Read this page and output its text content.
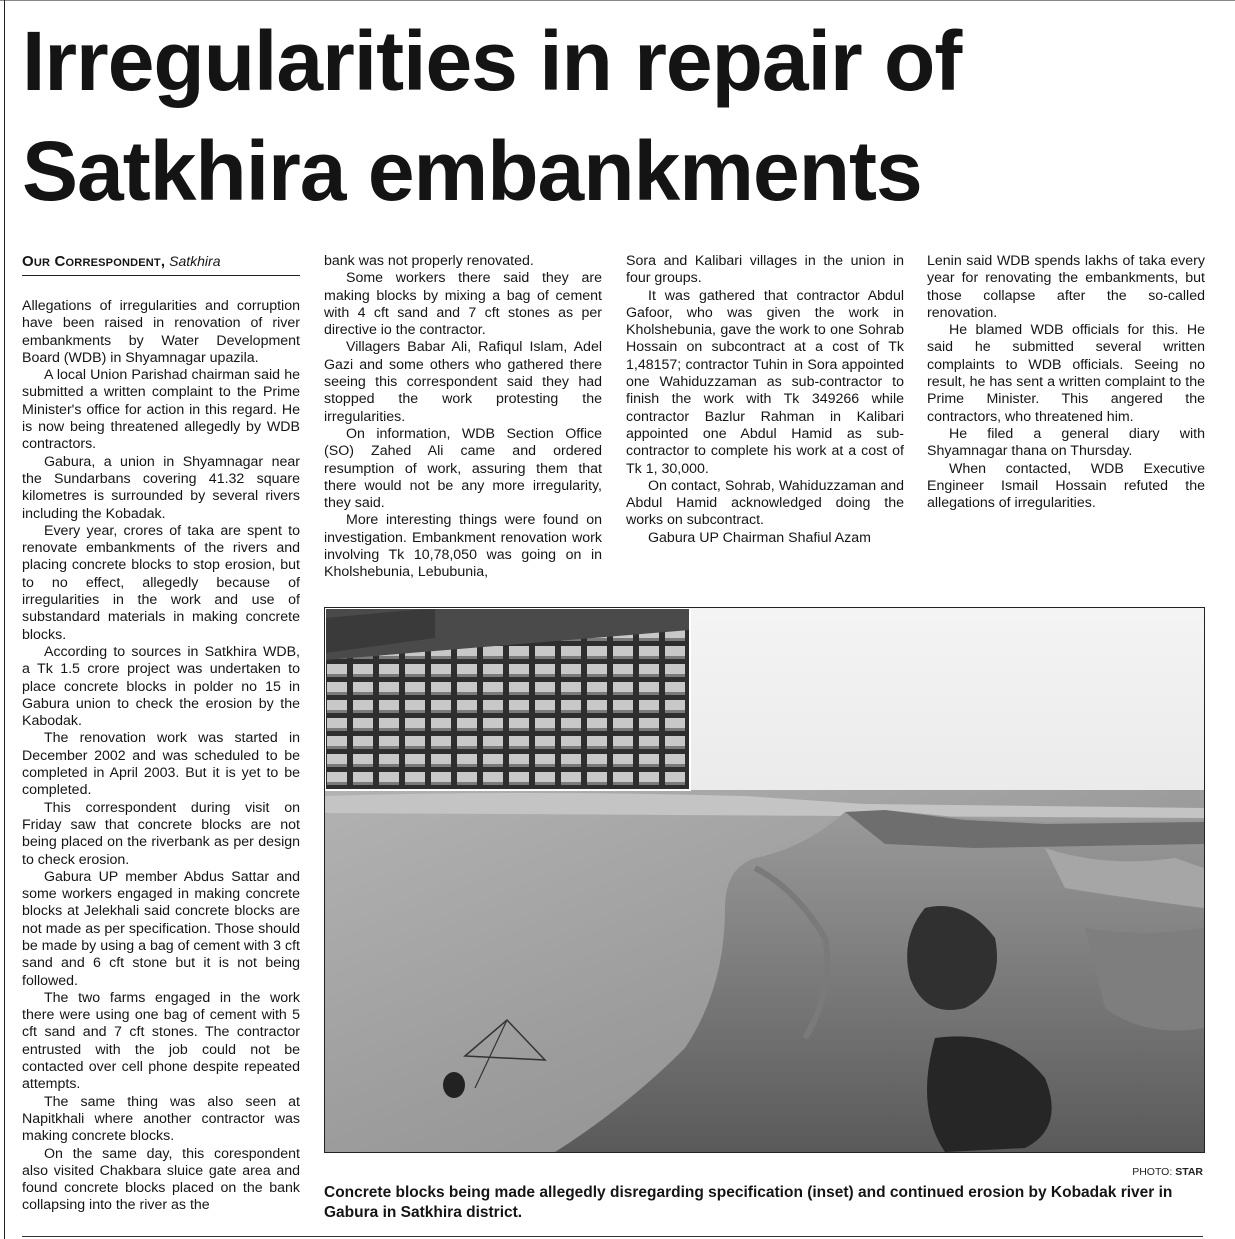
Irregularities in repair of Satkhira embankments
Our Correspondent, Satkhira

Allegations of irregularities and corruption have been raised in renovation of river embankments by Water Development Board (WDB) in Shyamnagar upazila.

A local Union Parishad chairman said he submitted a written complaint to the Prime Minister's office for action in this regard. He is now being threatened allegedly by WDB contractors.

Gabura, a union in Shyamnagar near the Sundarbans covering 41.32 square kilometres is surrounded by several rivers including the Kobadak.

Every year, crores of taka are spent to renovate embankments of the rivers and placing concrete blocks to stop erosion, but to no effect, allegedly because of irregularities in the work and use of substandard materials in making concrete blocks.

According to sources in Satkhira WDB, a Tk 1.5 crore project was undertaken to place concrete blocks in polder no 15 in Gabura union to check the erosion by the Kabodak.

The renovation work was started in December 2002 and was scheduled to be completed in April 2003. But it is yet to be completed.

This correspondent during visit on Friday saw that concrete blocks are not being placed on the riverbank as per design to check erosion.

Gabura UP member Abdus Sattar and some workers engaged in making concrete blocks at Jelekhali said concrete blocks are not made as per specification. Those should be made by using a bag of cement with 3 cft sand and 6 cft stone but it is not being followed.

The two farms engaged in the work there were using one bag of cement with 5 cft sand and 7 cft stones. The contractor entrusted with the job could not be contacted over cell phone despite repeated attempts.

The same thing was also seen at Napitkhali where another contractor was making concrete blocks.

On the same day, this corespondent also visited Chakbara sluice gate area and found concrete blocks placed on the bank collapsing into the river as the

bank was not properly renovated.

Some workers there said they are making blocks by mixing a bag of cement with 4 cft sand and 7 cft stones as per directive io the contractor.

Villagers Babar Ali, Rafiqul Islam, Adel Gazi and some others who gathered there seeing this correspondent said they had stopped the work protesting the irregularities.

On information, WDB Section Office (SO) Zahed Ali came and ordered resumption of work, assuring them that there would not be any more irregularity, they said.

More interesting things were found on investigation. Embankment renovation work involving Tk 10,78,050 was going on in Kholshebunia, Lebubunia,

Sora and Kalibari villages in the union in four groups.

It was gathered that contractor Abdul Gafoor, who was given the work in Kholshebunia, gave the work to one Sohrab Hossain on subcontract at a cost of Tk 1,48157; contractor Tuhin in Sora appointed one Wahiduzzaman as sub-contractor to finish the work with Tk 349266 while contractor Bazlur Rahman in Kalibari appointed one Abdul Hamid as sub- contractor to complete his work at a cost of Tk 1, 30,000.

On contact, Sohrab, Wahiduzzaman and Abdul Hamid acknowledged doing the works on subcontract.

Gabura UP Chairman Shafiul Azam

Lenin said WDB spends lakhs of taka every year for renovating the embankments, but those collapse after the so-called renovation.

He blamed WDB officials for this. He said he submitted several written complaints to WDB officials. Seeing no result, he has sent a written complaint to the Prime Minister. This angered the contractors, who threatened him.

He filed a general diary with Shyamnagar thana on Thursday.

When contacted, WDB Executive Engineer Ismail Hossain refuted the allegations of irregularities.

PHOTO: STAR

Concrete blocks being made allegedly disregarding specification (inset) and continued erosion by Kobadak river in Gabura in Satkhira district.
